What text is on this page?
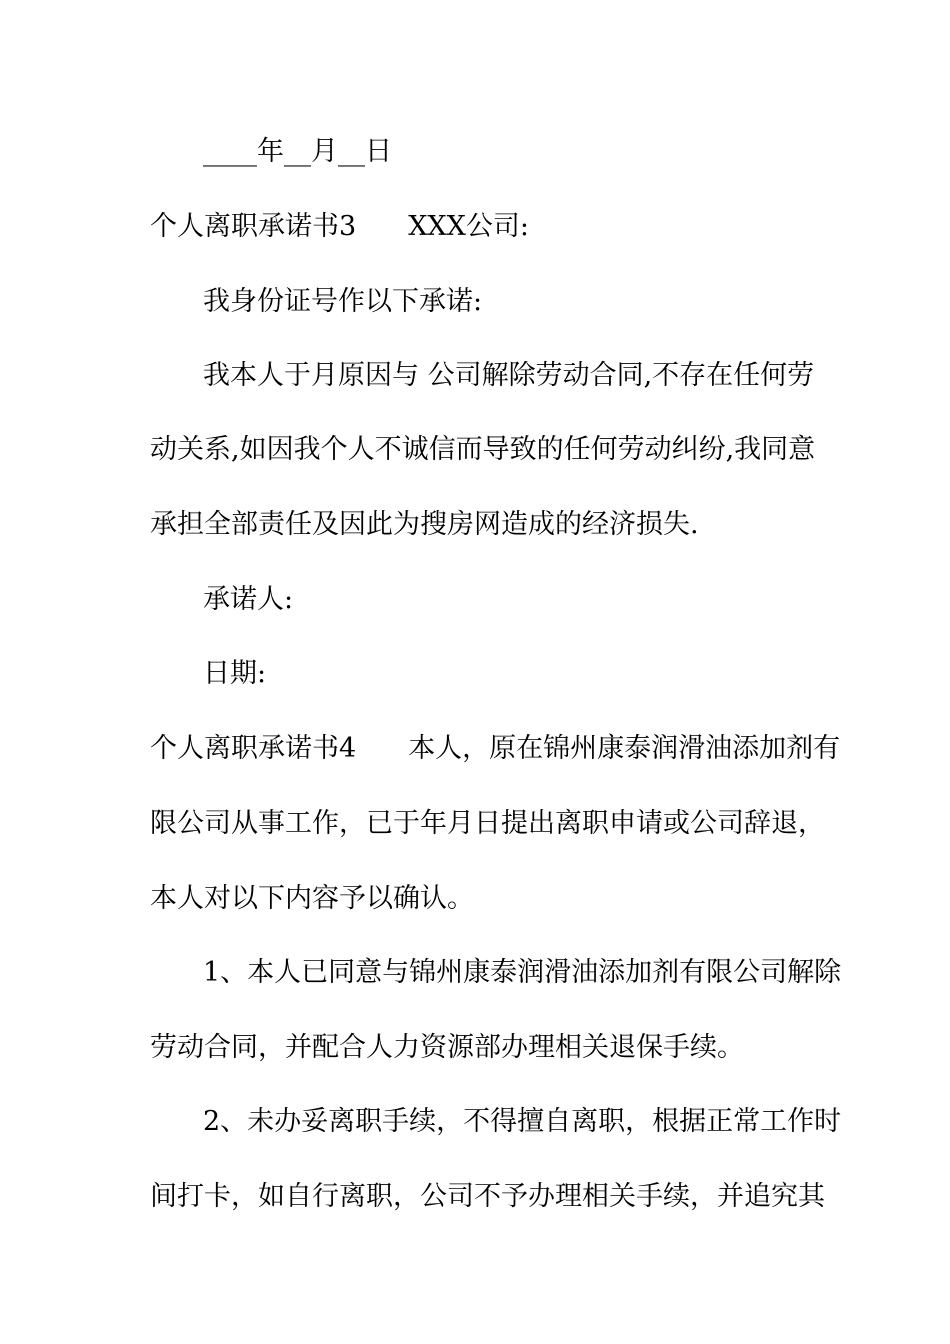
____年__月__日
个人离职承诺书3 XXX公司:
我身份证号作以下承诺:
我本人于月原因与 公司解除劳动合同,不存在任何劳
动关系,如因我个人不诚信而导致的任何劳动纠纷,我同意
承担全部责任及因此为搜房网造成的经济损失.
承诺人:
日期:
个人离职承诺书4 本人，原在锦州康泰润滑油添加剂有
限公司从事工作，已于年月日提出离职申请或公司辞退，
本人对以下内容予以确认。
1、本人已同意与锦州康泰润滑油添加剂有限公司解除
劳动合同，并配合人力资源部办理相关退保手续。
2、未办妥离职手续，不得擅自离职，根据正常工作时
间打卡，如自行离职，公司不予办理相关手续，并追究其
